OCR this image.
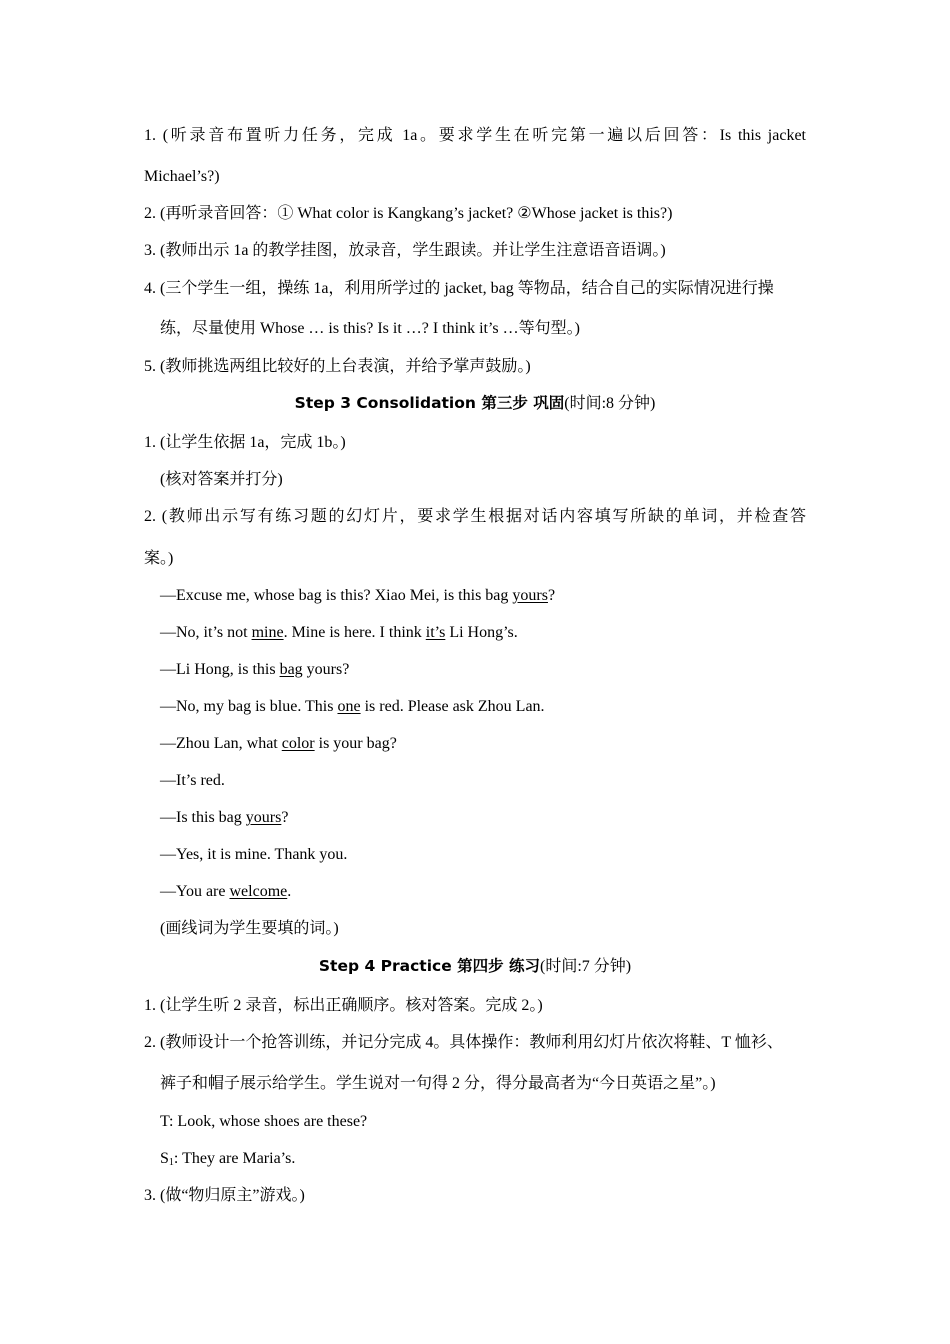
1. (听录音布置听力任务，完成 1a。要求学生在听完第一遍以后回答：Is this jacket
Michael’s?)
2. (再听录音回答：① What color is Kangkang’s jacket? ②Whose jacket is this?)
3. (教师出示 1a 的教学挂图，放录音，学生跟读。并让学生注意语音语调。)
4. (三个学生一组，操练 1a，利用所学过的 jacket, bag 等物品，结合自己的实际情况进行操
练，尽量使用 Whose … is this? Is it …? I think it’s …等句型。)
5. (教师挑选两组比较好的上台表演，并给予掌声鼓励。)
Step 3 Consolidation 第三步 巩固(时间:8 分钟)
1. (让学生依据 1a，完成 1b。)
(核对答案并打分)
2. (教师出示写有练习题的幻灯片，要求学生根据对话内容填写所缺的单词，并检查答
案。)
—Excuse me, whose bag is this? Xiao Mei, is this bag yours?
—No, it’s not mine. Mine is here. I think it’s Li Hong’s.
—Li Hong, is this bag yours?
—No, my bag is blue. This one is red. Please ask Zhou Lan.
—Zhou Lan, what color is your bag?
—It’s red.
—Is this bag yours?
—Yes, it is mine. Thank you.
—You are welcome.
(画线词为学生要填的词。)
Step 4 Practice 第四步 练习(时间:7 分钟)
1. (让学生听 2 录音，标出正确顺序。核对答案。完成 2。)
2. (教师设计一个抢答训练，并记分完成 4。具体操作：教师利用幻灯片依次将鞋、T 恤衫、
裤子和帽子展示给学生。学生说对一句得 2 分，得分最高者为“今日英语之星”。)
T: Look, whose shoes are these?
$S_1$: They are Maria’s.
3. (做“物归原主”游戏。)
